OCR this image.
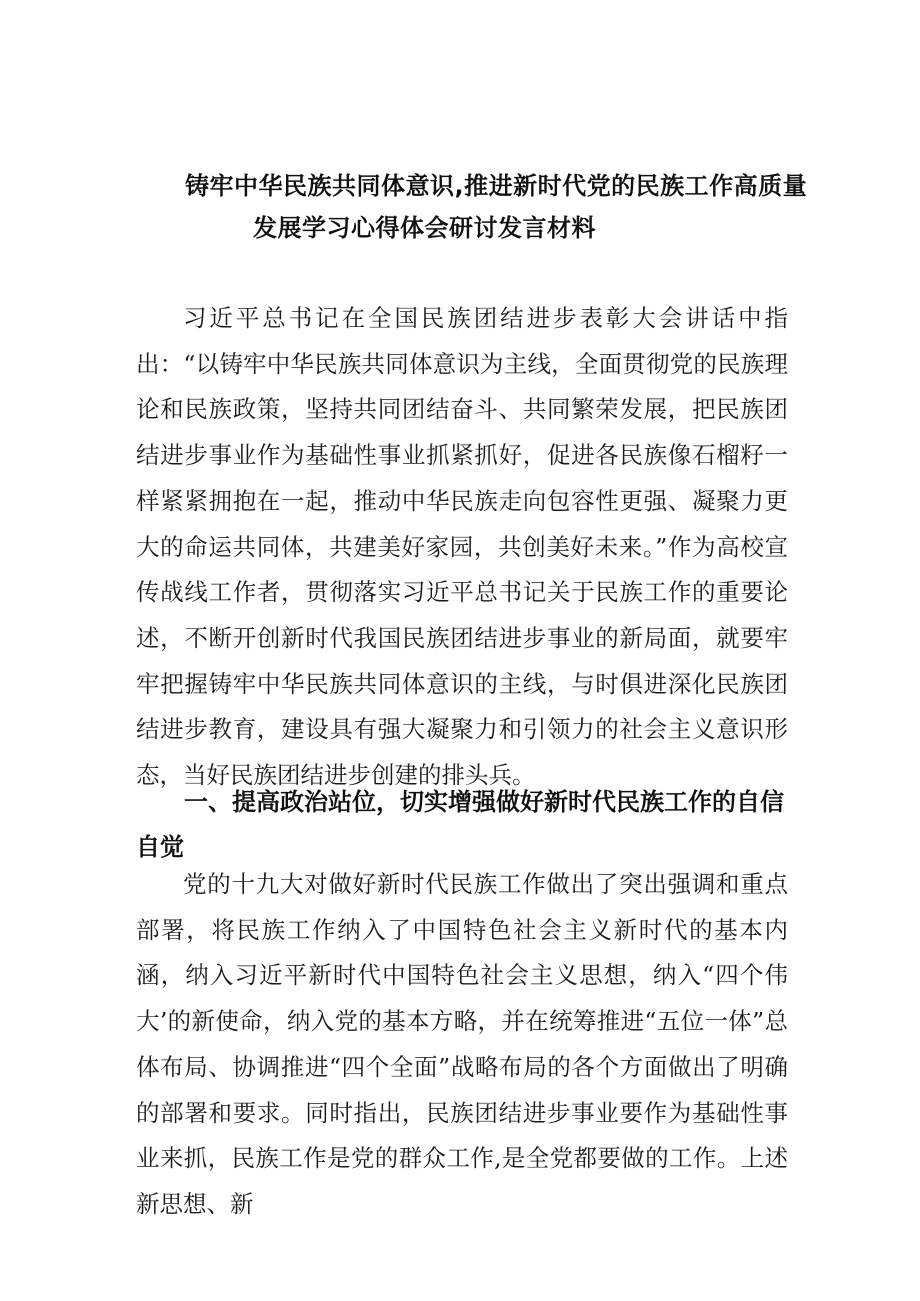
铸牢中华民族共同体意识,推进新时代党的民族工作高质量
发展学习心得体会研讨发言材料

习近平总书记在全国民族团结进步表彰大会讲话中指出：“以铸牢中华民族共同体意识为主线，全面贯彻党的民族理论和民族政策，坚持共同团结奋斗、共同繁荣发展，把民族团结进步事业作为基础性事业抓紧抓好，促进各民族像石榴籽一样紧紧拥抱在一起，推动中华民族走向包容性更强、凝聚力更大的命运共同体，共建美好家园，共创美好未来。”作为高校宣传战线工作者，贯彻落实习近平总书记关于民族工作的重要论述，不断开创新时代我国民族团结进步事业的新局面，就要牢牢把握铸牢中华民族共同体意识的主线，与时俱进深化民族团结进步教育，建设具有强大凝聚力和引领力的社会主义意识形态，当好民族团结进步创建的排头兵。

一、提高政治站位，切实增强做好新时代民族工作的自信自觉

党的十九大对做好新时代民族工作做出了突出强调和重点部署，将民族工作纳入了中国特色社会主义新时代的基本内涵，纳入习近平新时代中国特色社会主义思想，纳入“四个伟大’的新使命，纳入党的基本方略，并在统筹推进“五位一体”总体布局、协调推进“四个全面”战略布局的各个方面做出了明确的部署和要求。同时指出，民族团结进步事业要作为基础性事业来抓，民族工作是党的群众工作,是全党都要做的工作。上述新思想、新
